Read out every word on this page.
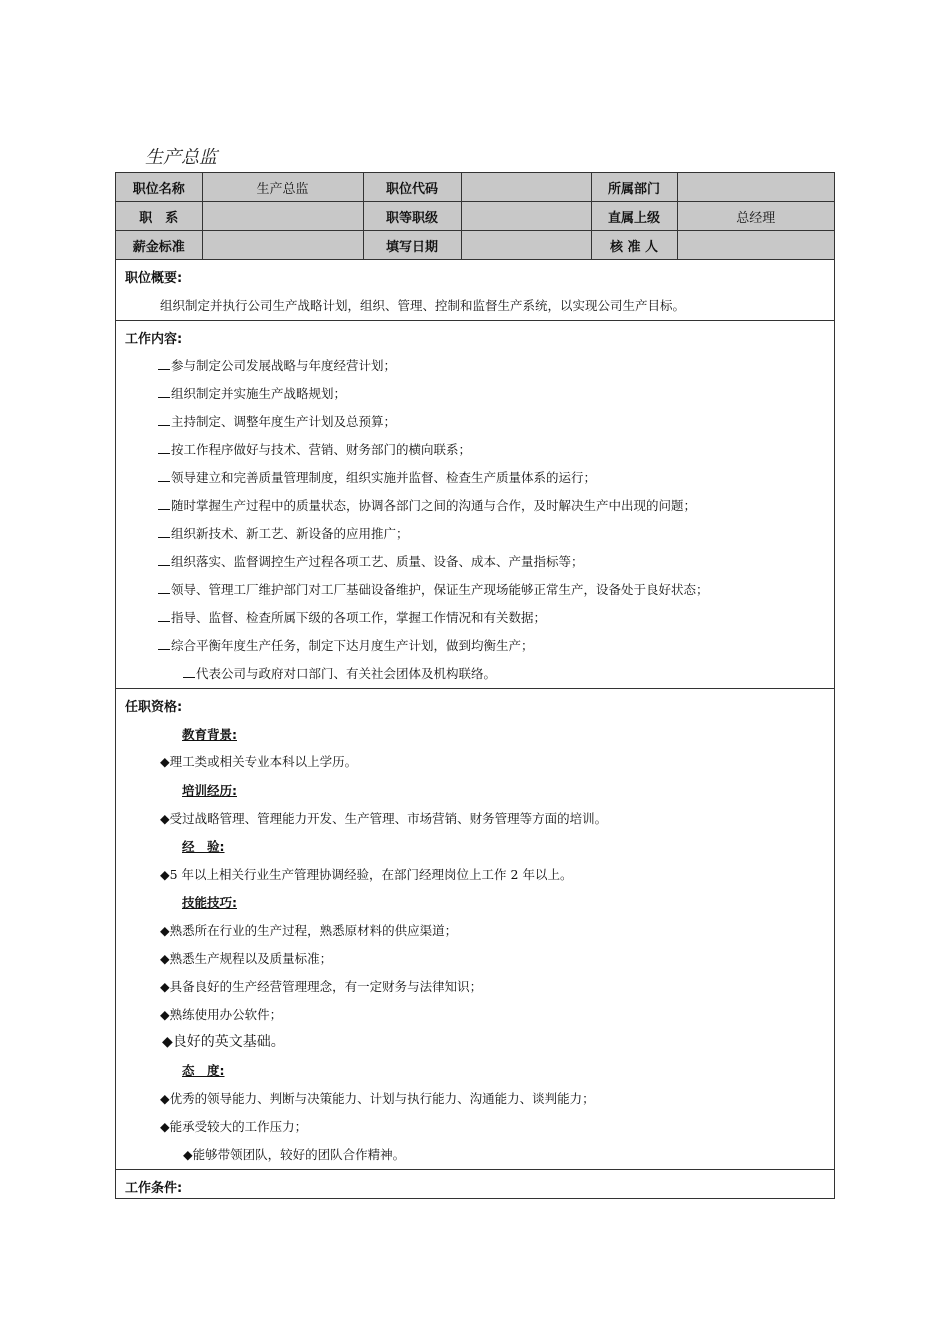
生产总监
职位名称	生产总监	职位代码		所属部门	
职　系		职等职级		直属上级	总经理
薪金标准		填写日期		核 准 人	
职位概要:
组织制定并执行公司生产战略计划，组织、管理、控制和监督生产系统，以实现公司生产目标。
工作内容:
参与制定公司发展战略与年度经营计划；
组织制定并实施生产战略规划；
主持制定、调整年度生产计划及总预算；
按工作程序做好与技术、营销、财务部门的横向联系；
领导建立和完善质量管理制度，组织实施并监督、检查生产质量体系的运行；
随时掌握生产过程中的质量状态，协调各部门之间的沟通与合作，及时解决生产中出现的问题；
组织新技术、新工艺、新设备的应用推广；
组织落实、监督调控生产过程各项工艺、质量、设备、成本、产量指标等；
领导、管理工厂维护部门对工厂基础设备维护，保证生产现场能够正常生产，设备处于良好状态；
指导、监督、检查所属下级的各项工作，掌握工作情况和有关数据；
综合平衡年度生产任务，制定下达月度生产计划，做到均衡生产；
代表公司与政府对口部门、有关社会团体及机构联络。
任职资格:
教育背景:
◆理工类或相关专业本科以上学历。
培训经历:
◆受过战略管理、管理能力开发、生产管理、市场营销、财务管理等方面的培训。
经　验:
◆5 年以上相关行业生产管理协调经验，在部门经理岗位上工作 2 年以上。
技能技巧:
◆熟悉所在行业的生产过程，熟悉原材料的供应渠道；
◆熟悉生产规程以及质量标准；
◆具备良好的生产经营管理理念，有一定财务与法律知识；
◆熟练使用办公软件；
◆良好的英文基础。
态　度:
◆优秀的领导能力、判断与决策能力、计划与执行能力、沟通能力、谈判能力；
◆能承受较大的工作压力；
◆能够带领团队，较好的团队合作精神。
工作条件:
